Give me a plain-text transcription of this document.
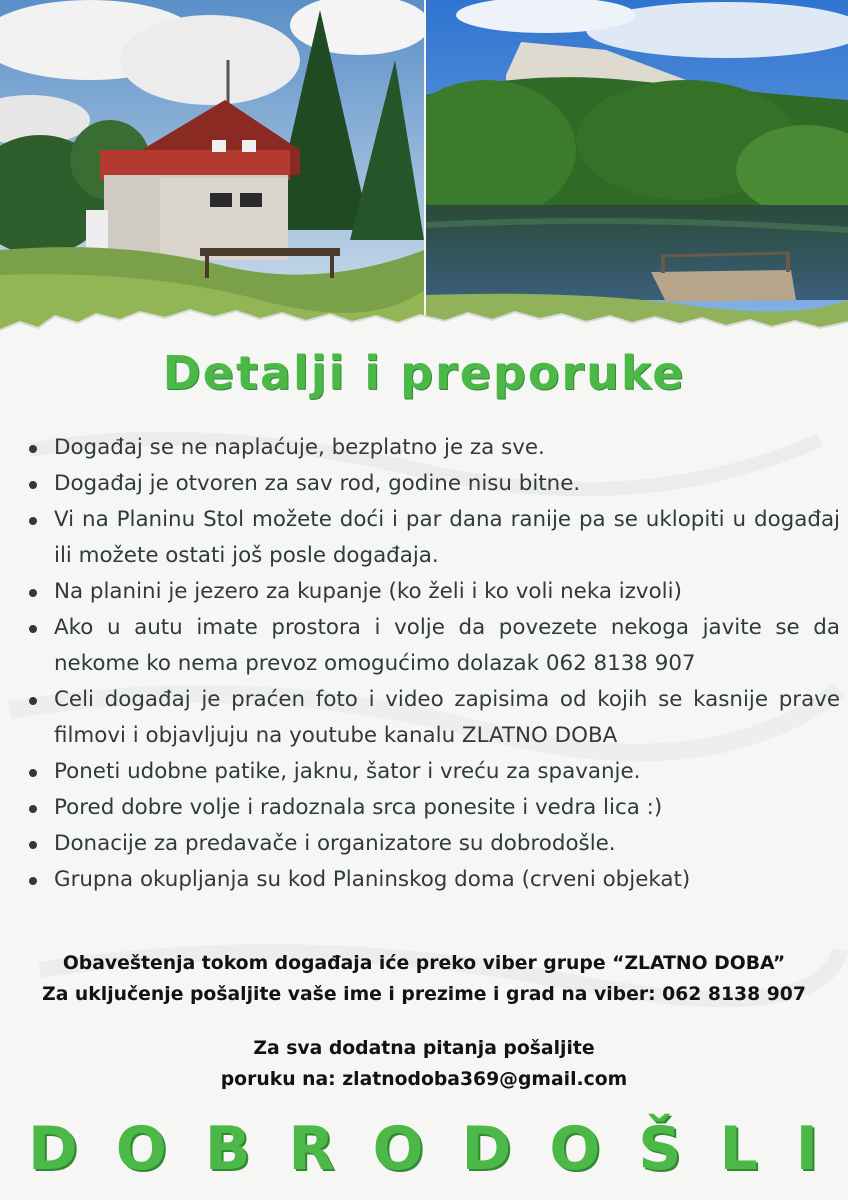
Detalji i preporuke
Događaj se ne naplaćuje, bezplatno je za sve.
Događaj je otvoren za sav rod, godine nisu bitne.
Vi na Planinu Stol možete doći i par dana ranije pa se uklopiti u događaj ili možete ostati još posle događaja.
Na planini je jezero za kupanje (ko želi i ko voli neka izvoli)
Ako u autu imate prostora i volje da povezete nekoga javite se da nekome ko nema prevoz omogućimo dolazak 062 8138 907
Celi događaj je praćen foto i video zapisima od kojih se kasnije prave filmovi i objavljuju na youtube kanalu ZLATNO DOBA
Poneti udobne patike, jaknu, šator i vreću za spavanje.
Pored dobre volje i radoznala srca ponesite i vedra lica :)
Donacije za predavače i organizatore su dobrodošle.
Grupna okupljanja su kod Planinskog doma (crveni objekat)
Obaveštenja tokom događaja iće preko viber grupe “ZLATNO DOBA”
Za uključenje pošaljite vaše ime i prezime i grad na viber: 062 8138 907
Za sva dodatna pitanja pošaljite
poruku na: zlatnodoba369@gmail.com
D O B R O D O Š L I
